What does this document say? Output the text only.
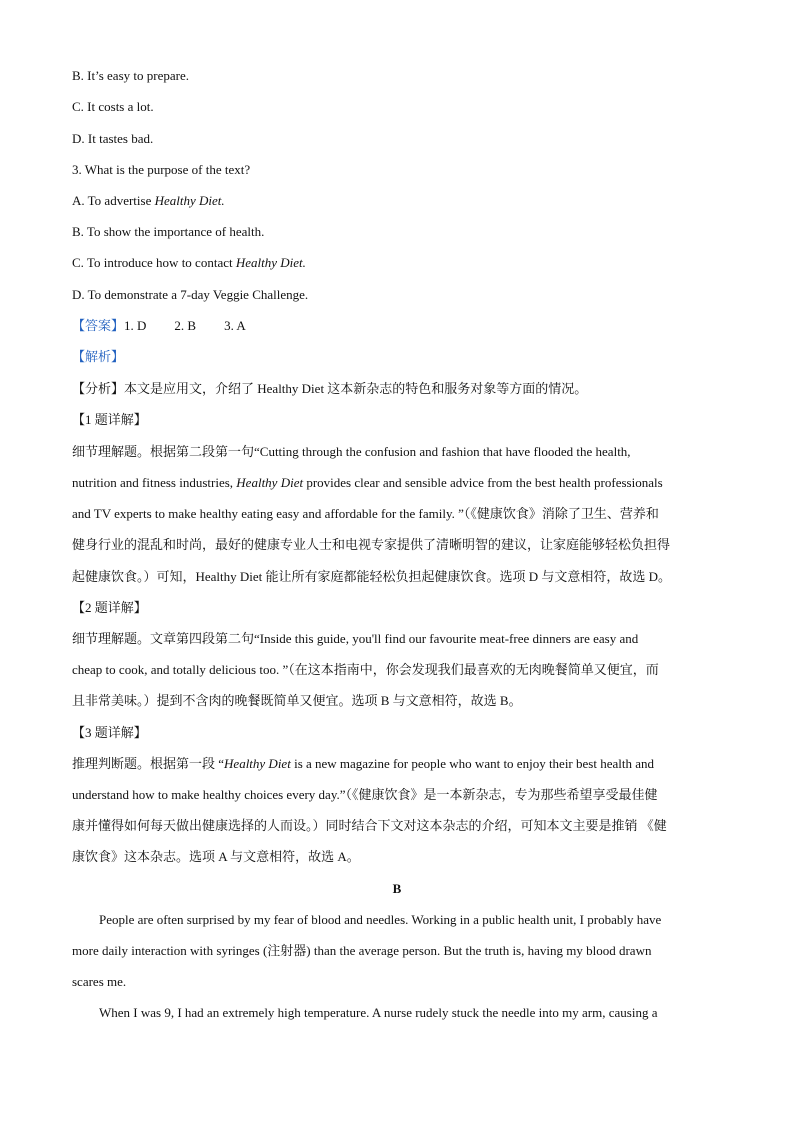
B. It’s easy to prepare.
C. It costs a lot.
D. It tastes bad.
3. What is the purpose of the text?
A. To advertise Healthy Diet.
B. To show the importance of health.
C. To introduce how to contact Healthy Diet.
D. To demonstrate a 7-day Veggie Challenge.
【答案】1. D 2. B 3. A
【解析】
【分析】本文是应用文，介绍了 Healthy Diet 这本新杂志的特色和服务对象等方面的情况。
【1 题详解】
细节理解题。根据第二段第一句“Cutting through the confusion and fashion that have flooded the health,
nutrition and fitness industries, Healthy Diet provides clear and sensible advice from the best health professionals
and TV experts to make healthy eating easy and affordable for the family. ”（《健康饮食》消除了卫生、营养和
健身行业的混乱和时尚，最好的健康专业人士和电视专家提供了清晰明智的建议，让家庭能够轻松负担得
起健康饮食。）可知，Healthy Diet 能让所有家庭都能轻松负担起健康饮食。选项 D 与文意相符，故选 D。
【2 题详解】
细节理解题。文章第四段第二句“Inside this guide, you'll find our favourite meat-free dinners are easy and
cheap to cook, and totally delicious too. ”（在这本指南中，你会发现我们最喜欢的无肉晚餐简单又便宜，而
且非常美味。）提到不含肉的晚餐既简单又便宜。选项 B 与文意相符，故选 B。
【3 题详解】
推理判断题。根据第一段 “Healthy Diet is a new magazine for people who want to enjoy their best health and
understand how to make healthy choices every day.”（《健康饮食》是一本新杂志，专为那些希望享受最佳健
康并懂得如何每天做出健康选择的人而设。）同时结合下文对这本杂志的介绍，可知本文主要是推销 《健
康饮食》这本杂志。选项 A 与文意相符，故选 A。
B
People are often surprised by my fear of blood and needles. Working in a public health unit, I probably have
more daily interaction with syringes (注射器) than the average person. But the truth is, having my blood drawn
scares me.
When I was 9, I had an extremely high temperature. A nurse rudely stuck the needle into my arm, causing a
